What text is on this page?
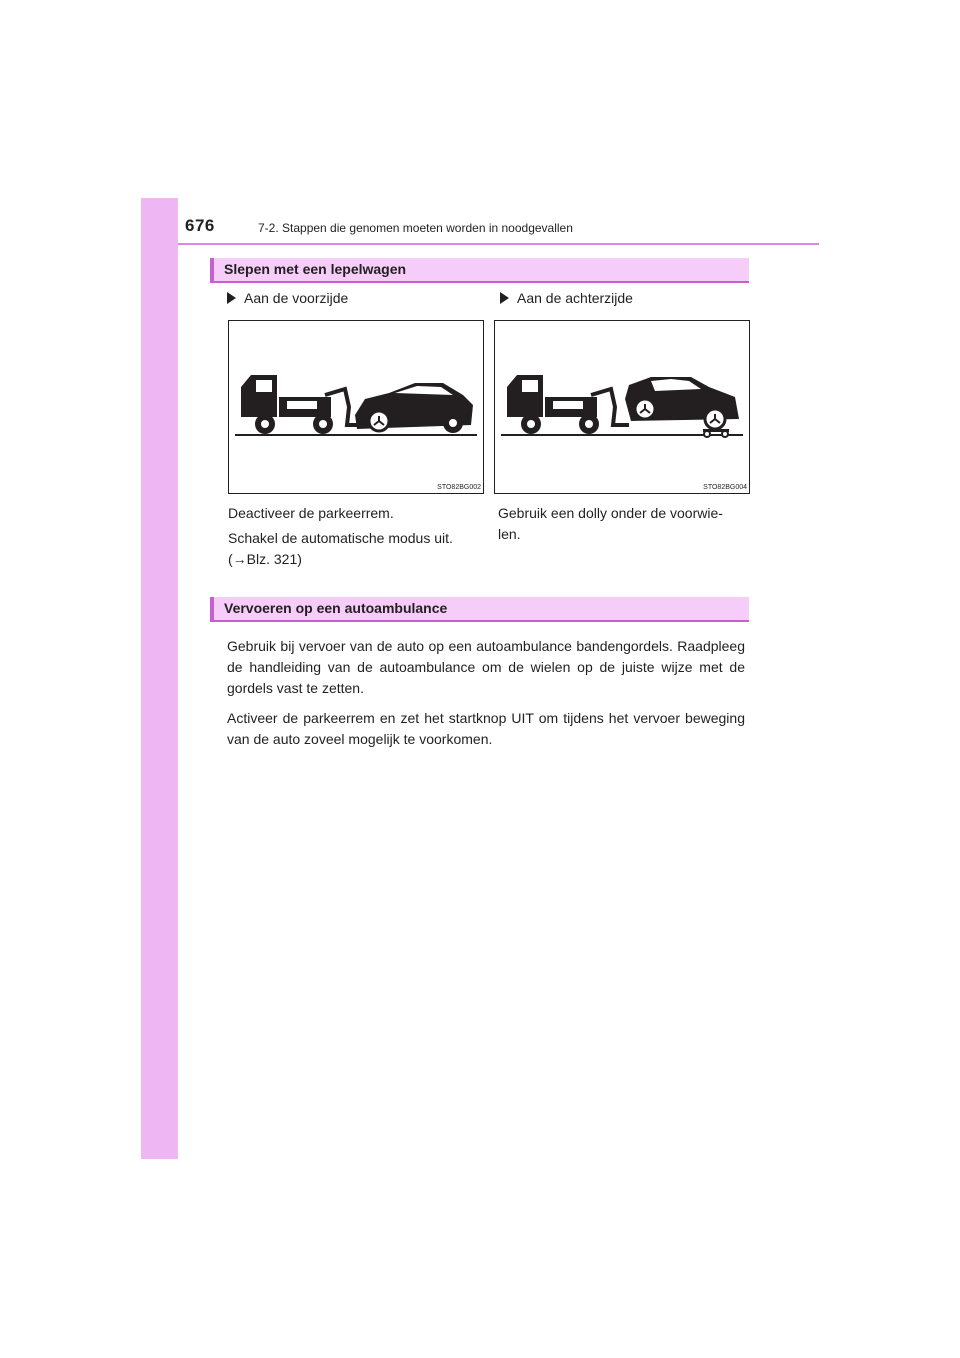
676	7-2. Stappen die genomen moeten worden in noodgevallen
Slepen met een lepelwagen
Aan de voorzijde	Aan de achterzijde
STO82BG002	STO82BG004
Deactiveer de parkeerrem.
Schakel de automatische modus uit.
(→Blz. 321)
Gebruik een dolly onder de voorwie-
len.
Vervoeren op een autoambulance
Gebruik bij vervoer van de auto op een autoambulance bandengordels. Raadpleeg de handleiding van de autoambulance om de wielen op de juiste wijze met de gordels vast te zetten.
Activeer de parkeerrem en zet het startknop UIT om tijdens het vervoer beweging van de auto zoveel mogelijk te voorkomen.
